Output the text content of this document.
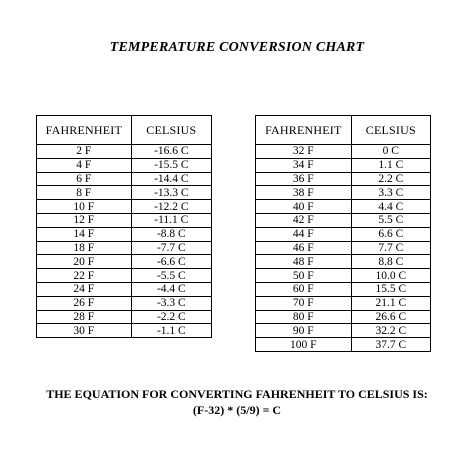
TEMPERATURE CONVERSION CHART
FAHRENHEIT	CELSIUS
2 F	-16.6 C
4 F	-15.5 C
6 F	-14.4 C
8 F	-13.3 C
10 F	-12.2 C
12 F	-11.1 C
14 F	-8.8 C
18 F	-7.7 C
20 F	-6.6 C
22 F	-5.5 C
24 F	-4.4 C
26 F	-3.3 C
28 F	-2.2 C
30 F	-1.1 C
FAHRENHEIT	CELSIUS
32 F	0 C
34 F	1.1 C
36 F	2.2 C
38 F	3.3 C
40 F	4.4 C
42 F	5.5 C
44 F	6.6 C
46 F	7.7 C
48 F	8.8 C
50 F	10.0 C
60 F	15.5 C
70 F	21.1 C
80 F	26.6 C
90 F	32.2 C
100 F	37.7 C
THE EQUATION FOR CONVERTING FAHRENHEIT TO CELSIUS IS:
(F-32) * (5/9) = C
